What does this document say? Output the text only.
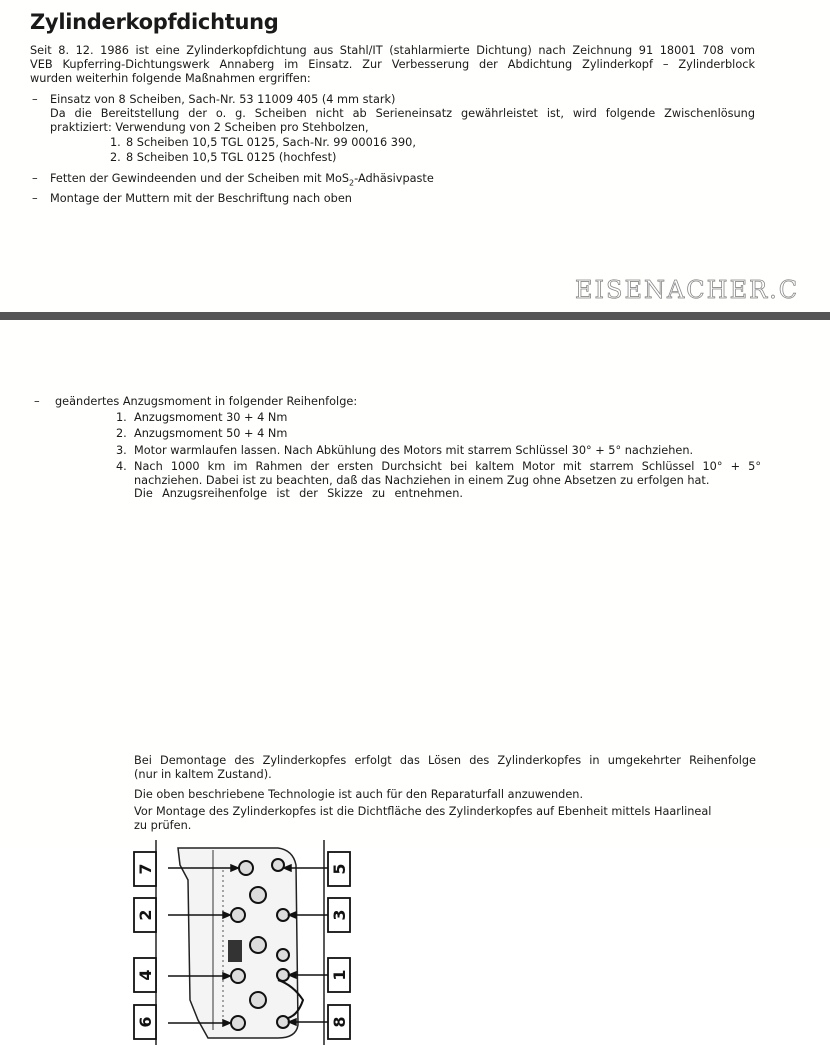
Zylinderkopfdichtung
Seit 8. 12. 1986 ist eine Zylinderkopfdichtung aus Stahl/IT (stahlarmierte Dichtung) nach Zeichnung 91 18001 708 vom
VEB Kupferring-Dichtungswerk Annaberg im Einsatz. Zur Verbesserung der Abdichtung Zylinderkopf – Zylinderblock
wurden weiterhin folgende Maßnahmen ergriffen:
– Einsatz von 8 Scheiben, Sach-Nr. 53 11009 405 (4 mm stark)
Da die Bereitstellung der o. g. Scheiben nicht ab Serieneinsatz gewährleistet ist, wird folgende Zwischenlösung
praktiziert: Verwendung von 2 Scheiben pro Stehbolzen,
1. 8 Scheiben 10,5 TGL 0125, Sach-Nr. 99 00016 390,
2. 8 Scheiben 10,5 TGL 0125 (hochfest)
– Fetten der Gewindeenden und der Scheiben mit MoS$_2$-Adhäsivpaste
– Montage der Muttern mit der Beschriftung nach oben
EISENACHER.C
– geändertes Anzugsmoment in folgender Reihenfolge:
1. Anzugsmoment 30 + 4 Nm
2. Anzugsmoment 50 + 4 Nm
3. Motor warmlaufen lassen. Nach Abkühlung des Motors mit starrem Schlüssel 30° + 5° nachziehen.
4. Nach 1000 km im Rahmen der ersten Durchsicht bei kaltem Motor mit starrem Schlüssel 10° + 5°
nachziehen. Dabei ist zu beachten, daß das Nachziehen in einem Zug ohne Absetzen zu erfolgen hat.
Die Anzugsreihenfolge ist der Skizze zu entnehmen.
7
2
4
6
5
3
1
8
Bei Demontage des Zylinderkopfes erfolgt das Lösen des Zylinderkopfes in umgekehrter Reihenfolge
(nur in kaltem Zustand).
Die oben beschriebene Technologie ist auch für den Reparaturfall anzuwenden.
Vor Montage des Zylinderkopfes ist die Dichtfläche des Zylinderkopfes auf Ebenheit mittels Haarlineal
zu prüfen.
